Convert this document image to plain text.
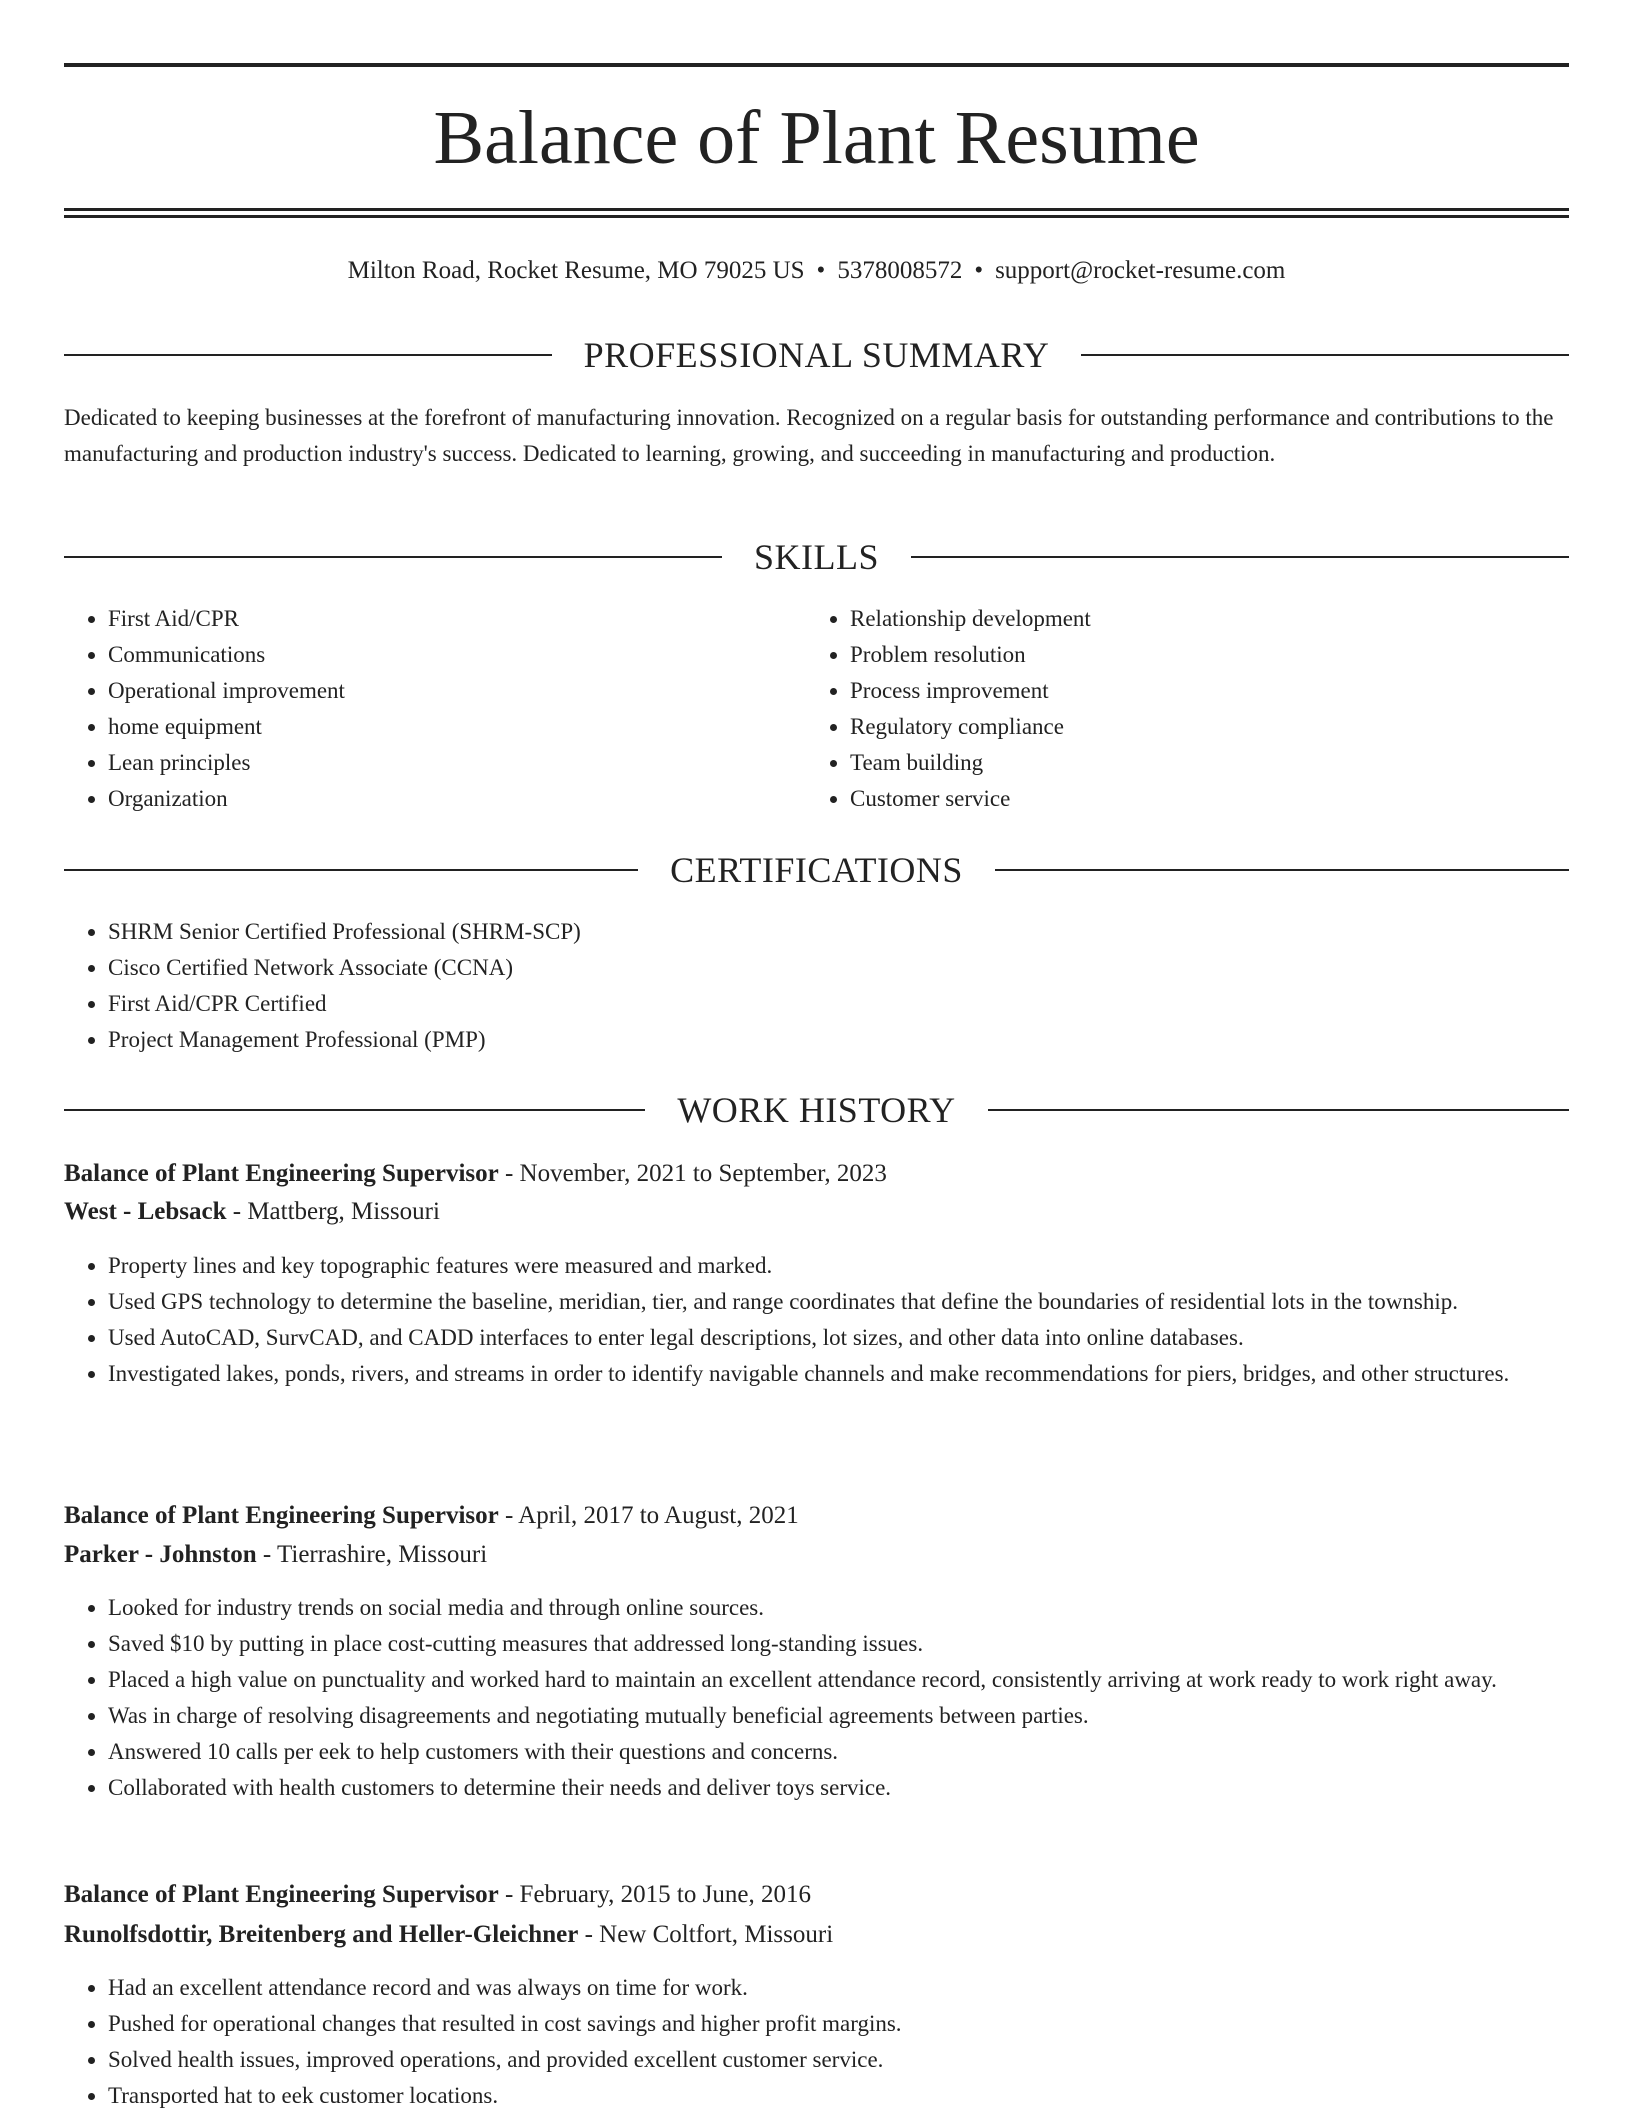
Balance of Plant Resume
Milton Road, Rocket Resume, MO 79025 US • 5378008572 • support@rocket-resume.com
PROFESSIONAL SUMMARY

Dedicated to keeping businesses at the forefront of manufacturing innovation. Recognized on a regular basis for outstanding performance and contributions to the manufacturing and production industry's success. Dedicated to learning, growing, and succeeding in manufacturing and production.

SKILLS
• First Aid/CPR
• Communications
• Operational improvement
• home equipment
• Lean principles
• Organization
• Relationship development
• Problem resolution
• Process improvement
• Regulatory compliance
• Team building
• Customer service
CERTIFICATIONS
• SHRM Senior Certified Professional (SHRM-SCP)
• Cisco Certified Network Associate (CCNA)
• First Aid/CPR Certified
• Project Management Professional (PMP)
WORK HISTORY
Balance of Plant Engineering Supervisor - November, 2021 to September, 2023
West - Lebsack - Mattberg, Missouri
• Property lines and key topographic features were measured and marked.
• Used GPS technology to determine the baseline, meridian, tier, and range coordinates that define the boundaries of residential lots in the township.
• Used AutoCAD, SurvCAD, and CADD interfaces to enter legal descriptions, lot sizes, and other data into online databases.
• Investigated lakes, ponds, rivers, and streams in order to identify navigable channels and make recommendations for piers, bridges, and other structures.
Balance of Plant Engineering Supervisor - April, 2017 to August, 2021
Parker - Johnston - Tierrashire, Missouri
• Looked for industry trends on social media and through online sources.
• Saved $10 by putting in place cost-cutting measures that addressed long-standing issues.
• Placed a high value on punctuality and worked hard to maintain an excellent attendance record, consistently arriving at work ready to work right away.
• Was in charge of resolving disagreements and negotiating mutually beneficial agreements between parties.
• Answered 10 calls per eek to help customers with their questions and concerns.
• Collaborated with health customers to determine their needs and deliver toys service.
Balance of Plant Engineering Supervisor - February, 2015 to June, 2016
Runolfsdottir, Breitenberg and Heller-Gleichner - New Coltfort, Missouri
• Had an excellent attendance record and was always on time for work.
• Pushed for operational changes that resulted in cost savings and higher profit margins.
• Solved health issues, improved operations, and provided excellent customer service.
• Transported hat to eek customer locations.
